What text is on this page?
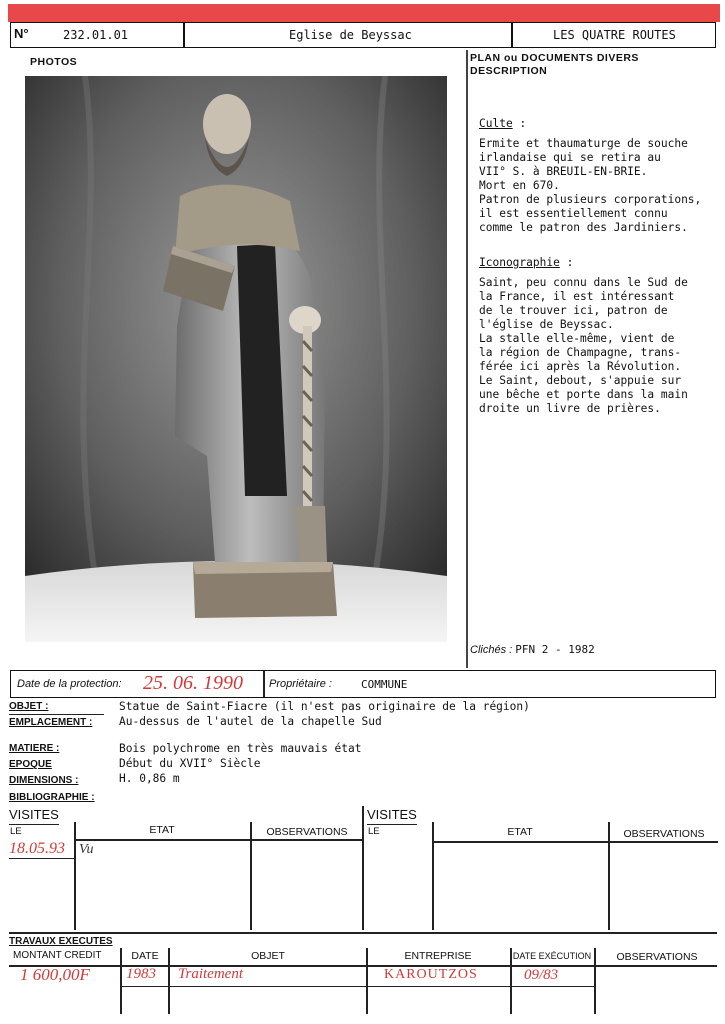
N°	232.01.01	Eglise de Beyssac	LES QUATRE ROUTES
PHOTOS	PLAN ou DOCUMENTS DIVERS
DESCRIPTION
Culte :
Ermite et thaumaturge de souche
irlandaise qui se retira au
VII° S. à BREUIL-EN-BRIE.
Mort en 670.
Patron de plusieurs corporations,
il est essentiellement connu
comme le patron des Jardiniers.
Iconographie :
Saint, peu connu dans le Sud de
la France, il est intéressant
de le trouver ici, patron de
l'église de Beyssac.
La stalle elle-même, vient de
la région de Champagne, trans-
férée ici après la Révolution.
Le Saint, debout, s'appuie sur
une bêche et porte dans la main
droite un livre de prières.
Clichés : PFN 2 - 1982
Date de la protection: 25. 06. 1990 Propriétaire :	COMMUNE
OBJET :	Statue de Saint-Fiacre (il n'est pas originaire de la région)
EMPLACEMENT : Au-dessus de l'autel de la chapelle Sud
MATIERE :	Bois polychrome en très mauvais état
EPOQUE	Début du XVII° Siècle
DIMENSIONS :	H. 0,86 m
BIBLIOGRAPHIE :
VISITES
LE	ETAT	OBSERVATIONS
18.05.93 Vu
VISITES
LE	ETAT	OBSERVATIONS
TRAVAUX EXECUTES
MONTANT CREDIT	DATE	OBJET	ENTREPRISE	DATE EXÉCUTION	OBSERVATIONS
1 600,00F 1983 Traitement	KAROUTZOS	09/83
